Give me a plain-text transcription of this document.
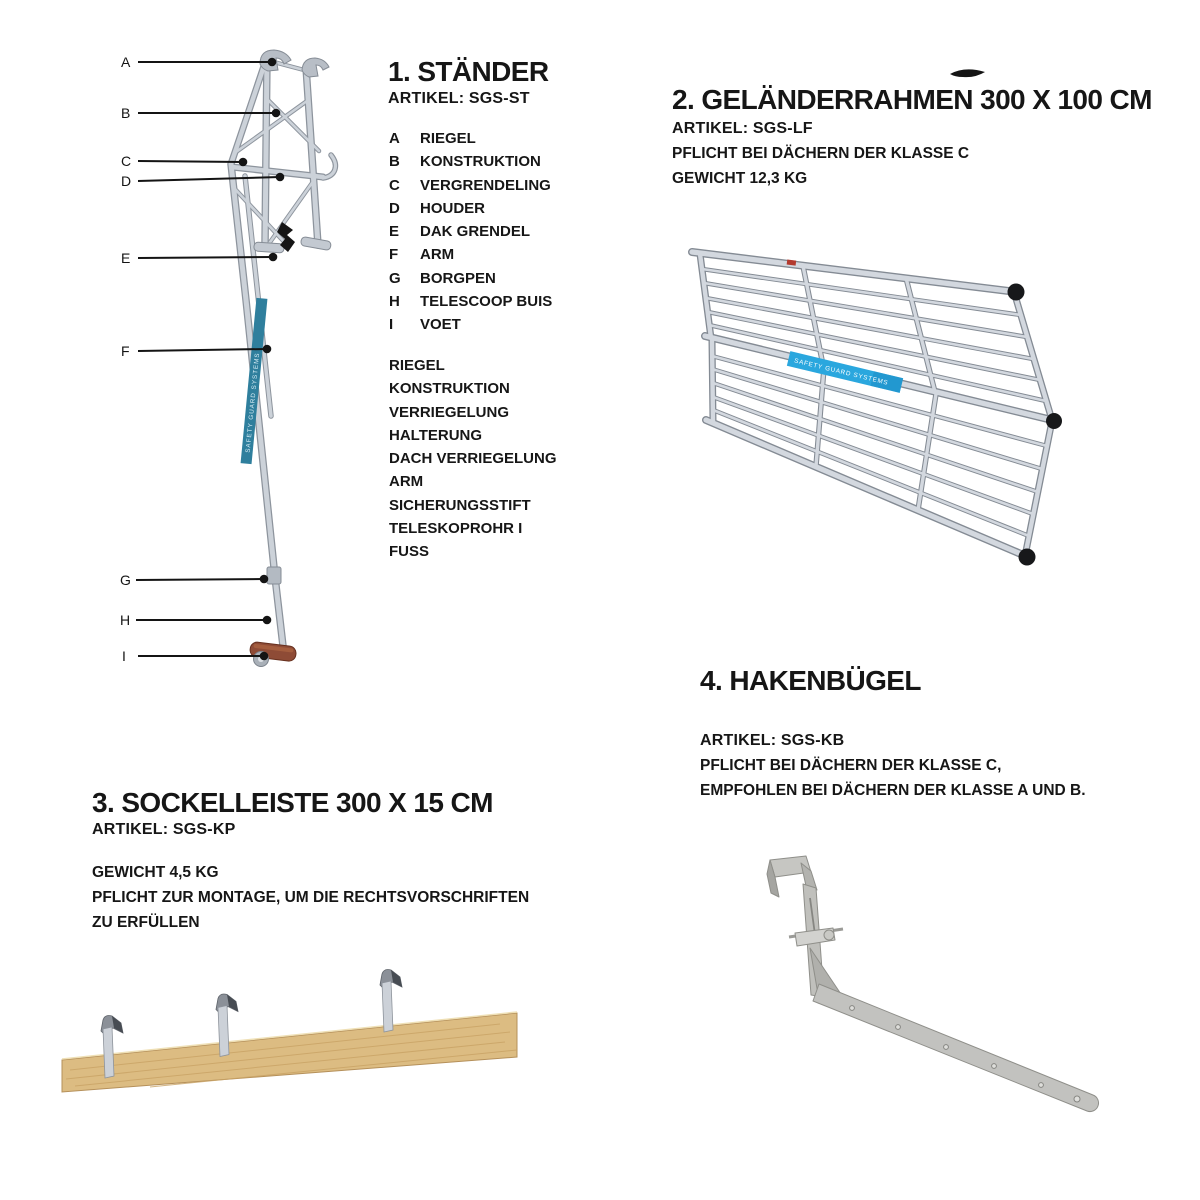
1. STÄNDER
ARTIKEL: SGS-ST
A	RIEGEL
B	KONSTRUKTION
C	VERGRENDELING
D	HOUDER
E	DAK GRENDEL
F	ARM
G	BORGPEN
H	TELESCOOP BUIS
I	VOET
RIEGEL
KONSTRUKTION
VERRIEGELUNG
HALTERUNG
DACH VERRIEGELUNG
ARM
SICHERUNGSSTIFT
TELESKOPROHR I
FUSS
SAFETY GUARD SYSTEMS
A
B
C
D
E
F
G
H
I
2. GELÄNDERRAHMEN 300 X 100 CM
ARTIKEL: SGS-LF
PFLICHT BEI DÄCHERN DER KLASSE C
GEWICHT 12,3 KG
SAFETY GUARD SYSTEMS
4. HAKENBÜGEL
ARTIKEL: SGS-KB
PFLICHT BEI DÄCHERN DER KLASSE C,
EMPFOHLEN BEI DÄCHERN DER KLASSE A UND B.
3. SOCKELLEISTE 300 X 15 CM
ARTIKEL: SGS-KP
GEWICHT 4,5 KG
PFLICHT ZUR MONTAGE, UM DIE RECHTSVORSCHRIFTEN
ZU ERFÜLLEN
